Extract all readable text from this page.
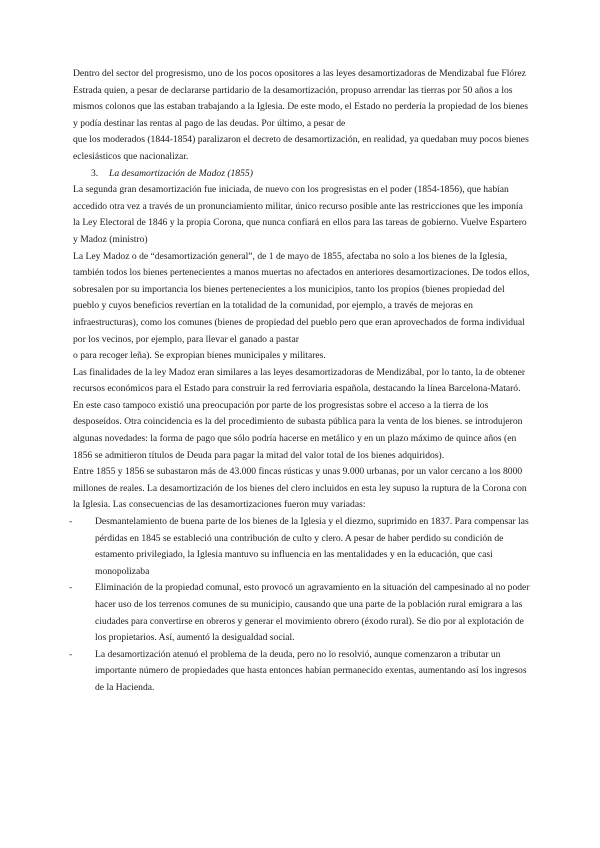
Dentro del sector del progresismo, uno de los pocos opositores a las leyes desamortizadoras de Mendizabal fue Flórez Estrada quien, a pesar de declararse partidario de la desamortización, propuso arrendar las tierras por 50 años a los mismos colonos que las estaban trabajando a la Iglesia. De este modo, el Estado no perdería la propiedad de los bienes y podía destinar las rentas al pago de las deudas. Por último, a pesar de

que los moderados (1844-1854) paralizaron el decreto de desamortización, en realidad, ya quedaban muy pocos bienes eclesiásticos que nacionalizar.

3. La desamortización de Madoz (1855)

La segunda gran desamortización fue iniciada, de nuevo con los progresistas en el poder (1854-1856), que habían accedido otra vez a través de un pronunciamiento militar, único recurso posible ante las restricciones que les imponía la Ley Electoral de 1846 y la propia Corona, que nunca confiará en ellos para las tareas de gobierno. Vuelve Espartero y Madoz (ministro)

La Ley Madoz o de “desamortización general”, de 1 de mayo de 1855, afectaba no solo a los bienes de la Iglesia, también todos los bienes pertenecientes a manos muertas no afectados en anteriores desamortizaciones. De todos ellos, sobresalen por su importancia los bienes pertenecientes a los municipios, tanto los propios (bienes propiedad del pueblo y cuyos beneficios revertían en la totalidad de la comunidad, por ejemplo, a través de mejoras en infraestructuras), como los comunes (bienes de propiedad del pueblo pero que eran aprovechados de forma individual por los vecinos, por ejemplo, para llevar el ganado a pastar

o para recoger leña). Se expropian bienes municipales y militares.

Las finalidades de la ley Madoz eran similares a las leyes desamortizadoras de Mendizábal, por lo tanto, la de obtener recursos económicos para el Estado para construir la red ferroviaria española, destacando la línea Barcelona-Mataró. En este caso tampoco existió una preocupación por parte de los progresistas sobre el acceso a la tierra de los desposeídos. Otra coincidencia es la del procedimiento de subasta pública para la venta de los bienes. se introdujeron algunas novedades: la forma de pago que sólo podría hacerse en metálico y en un plazo máximo de quince años (en 1856 se admitieron títulos de Deuda para pagar la mitad del valor total de los bienes adquiridos).

Entre 1855 y 1856 se subastaron más de 43.000 fincas rústicas y unas 9.000 urbanas, por un valor cercano a los 8000 millones de reales. La desamortización de los bienes del clero incluidos en esta ley supuso la ruptura de la Corona con la Iglesia. Las consecuencias de las desamortizaciones fueron muy variadas:

-	Desmantelamiento de buena parte de los bienes de la Iglesia y el diezmo, suprimido en 1837. Para compensar las pérdidas en 1845 se estableció una contribución de culto y clero. A pesar de haber perdido su condición de estamento privilegiado, la Iglesia mantuvo su influencia en las mentalidades y en la educación, que casi monopolizaba
-	Eliminación de la propiedad comunal, esto provocó un agravamiento en la situación del campesinado al no poder hacer uso de los terrenos comunes de su municipio, causando que una parte de la población rural emigrara a las ciudades para convertirse en obreros y generar el movimiento obrero (éxodo rural). Se dio por al explotación de los propietarios. Así, aumentó la desigualdad social.
-	La desamortización atenuó el problema de la deuda, pero no lo resolvió, aunque comenzaron a tributar un importante número de propiedades que hasta entonces habían permanecido exentas, aumentando así los ingresos de la Hacienda.
